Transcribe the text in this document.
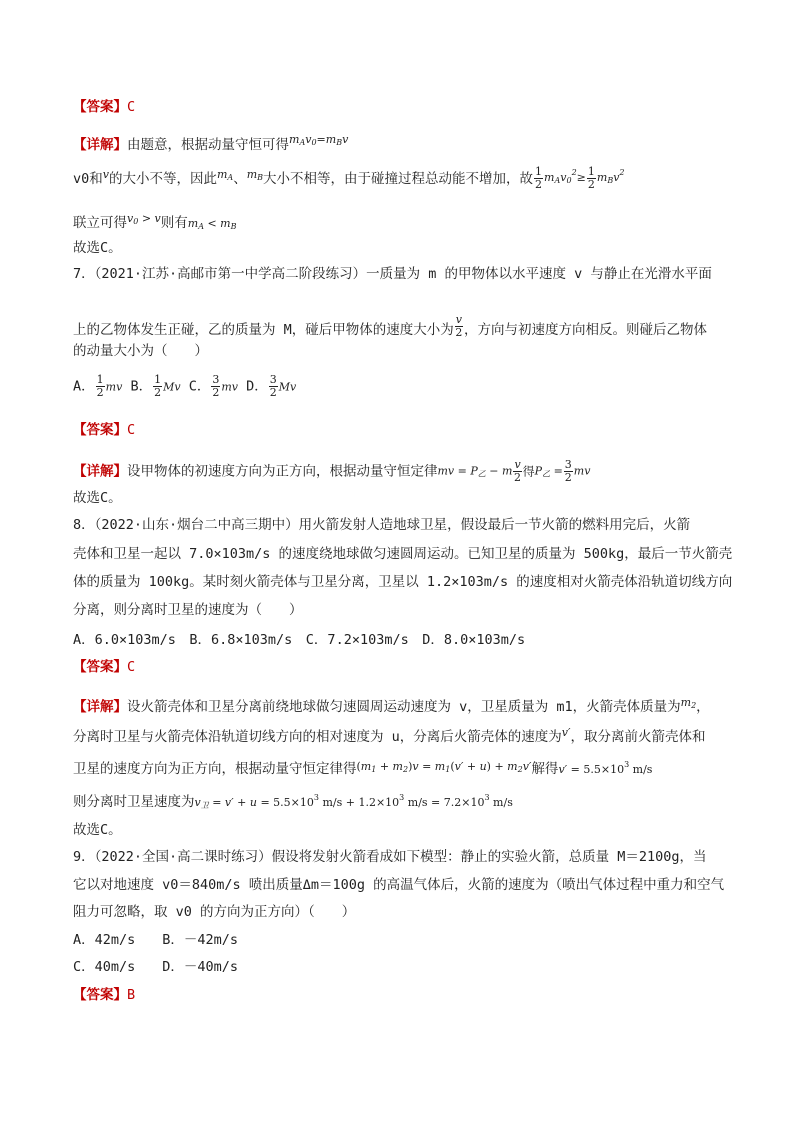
【答案】C
【详解】由题意，根据动量守恒可得$^{m_Av_0=m_Bv}$
v0和$^v$的大小不等，因此$^{m_A}$、$^{m_B}$大小不相等，由于碰撞过程总动能不增加，故 $\frac{1}{2} m_Av_0^2\ge \frac{1}{2} m_Bv^2$
联立可得$^{v_0 > v}$则有$m_A < m_B$
故选C。
7．（2021·江苏·高邮市第一中学高二阶段练习）一质量为 m 的甲物体以水平速度 v 与静止在光滑水平面
上的乙物体发生正碰，乙的质量为 M，碰后甲物体的速度大小为 $\frac{v}{2}$ ，方向与初速度方向相反。则碰后乙物体
的动量大小为（　　）
A． $\frac{1}{2}$ mv B． $\frac{1}{2}$ Mv C． $\frac{3}{2}$ mv D． $\frac{3}{2}$ Mv
【答案】C
【详解】设甲物体的初速度方向为正方向，根据动量守恒定律mv = $P_乙 - m \frac{v}{2}$ 得$P_乙 = \frac{3}{2}$ mv
故选C。
8．（2022·山东·烟台二中高三期中）用火箭发射人造地球卫星，假设最后一节火箭的燃料用完后，火箭
壳体和卫星一起以 7.0×103m/s 的速度绕地球做匀速圆周运动。已知卫星的质量为 500kg，最后一节火箭壳
体的质量为 100kg。某时刻火箭壳体与卫星分离，卫星以 1.2×103m/s 的速度相对火箭壳体沿轨道切线方向
分离，则分离时卫星的速度为（　　）
A．6.0×103m/s　B．6.8×103m/s　C．7.2×103m/s　D．8.0×103m/s
【答案】C
【详解】设火箭壳体和卫星分离前绕地球做匀速圆周运动速度为 v，卫星质量为 m1，火箭壳体质量为$^{m_2}$，
分离时卫星与火箭壳体沿轨道切线方向的相对速度为 u，分离后火箭壳体的速度为$^{v'}$，取分离前火箭壳体和
卫星的速度方向为正方向，根据动量守恒定律得$^{(m_1 + m_2)v = m_1(v' + u) + m_2v'}$解得$v' = 5.5\times 10^3$ m/s
则分离时卫星速度为$v_卫 = v' + u = 5.5\times 10^3$ $m/s + 1.2\times 10^3$ $m/s = 7.2\times 10^3$ m/s
故选C。
9．（2022·全国·高二课时练习）假设将发射火箭看成如下模型：静止的实验火箭，总质量 M＝2100g，当
它以对地速度 v0＝840m/s 喷出质量Δm＝100g 的高温气体后，火箭的速度为（喷出气体过程中重力和空气
阻力可忽略，取 v0 的方向为正方向）（　　）
A．42m/s　　B．－42m/s
C．40m/s　　D．－40m/s
【答案】B
